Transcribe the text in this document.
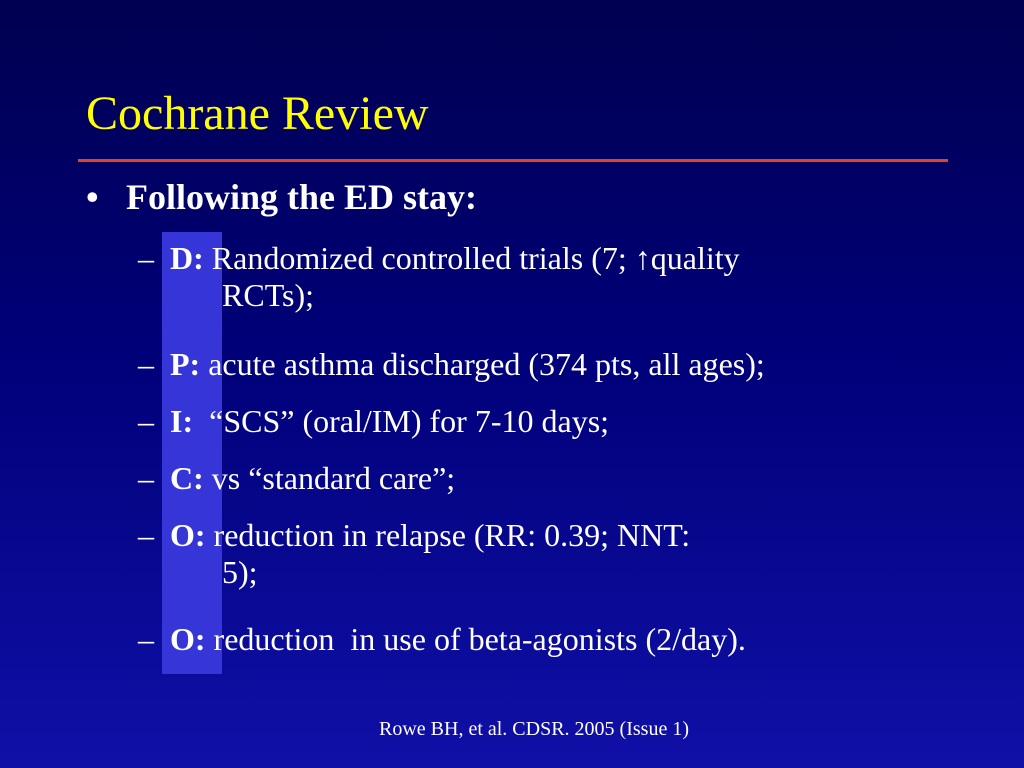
Cochrane Review
• Following the ED stay:
– D: Randomized controlled trials (7; ↑quality
RCTs);
– P: acute asthma discharged (374 pts, all ages);
– I: “SCS” (oral/IM) for 7-10 days;
– C: vs “standard care”;
– O: reduction in relapse (RR: 0.39; NNT:
5);
– O: reduction  in use of beta-agonists (2/day).
Rowe BH, et al. CDSR. 2005 (Issue 1)
